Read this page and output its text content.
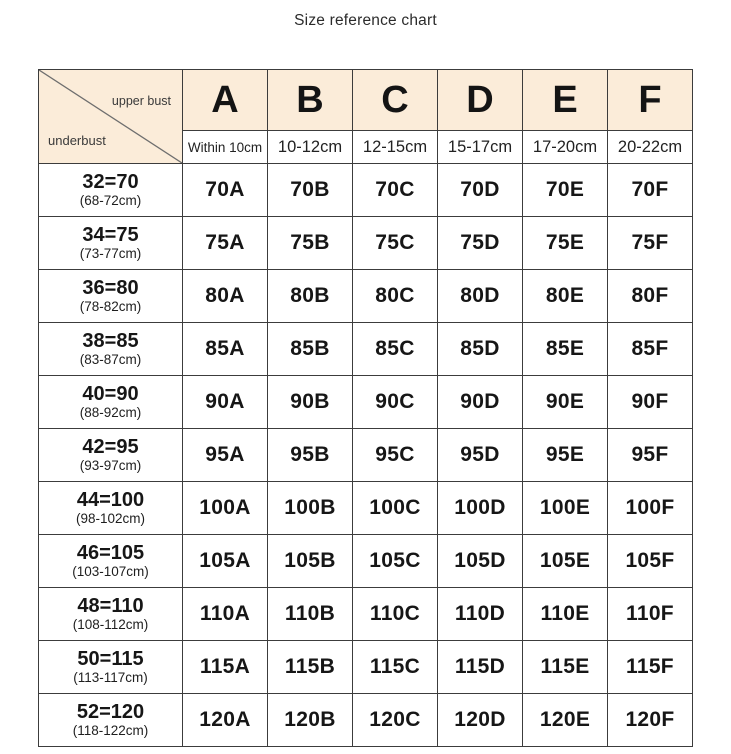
Size reference chart
upper bust
underbust	A	B	C	D	E	F
	Within 10cm	10-12cm	12-15cm	15-17cm	17-20cm	20-22cm

32=70
(68-72cm)	70A	70B	70C	70D	70E	70F

34=75
(73-77cm)	75A	75B	75C	75D	75E	75F

36=80
(78-82cm)	80A	80B	80C	80D	80E	80F

38=85
(83-87cm)	85A	85B	85C	85D	85E	85F

40=90
(88-92cm)	90A	90B	90C	90D	90E	90F

42=95
(93-97cm)	95A	95B	95C	95D	95E	95F

44=100
(98-102cm)	100A	100B	100C	100D	100E	100F

46=105
(103-107cm)	105A	105B	105C	105D	105E	105F

48=110
(108-112cm)	110A	110B	110C	110D	110E	110F

50=115
(113-117cm)	115A	115B	115C	115D	115E	115F

52=120
(118-122cm)	120A	120B	120C	120D	120E	120F
